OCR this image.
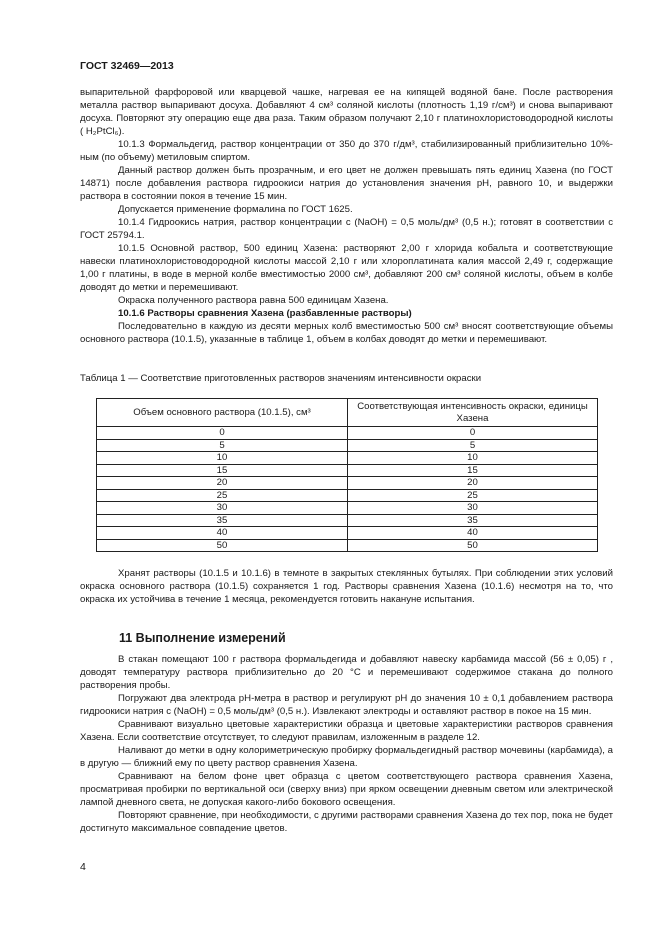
ГОСТ 32469—2013

выпарительной фарфоровой или кварцевой чашке, нагревая ее на кипящей водяной бане. После растворения металла раствор выпаривают досуха. Добавляют 4 см³ соляной кислоты (плотность 1,19 г/см³) и снова выпаривают досуха. Повторяют эту операцию еще два раза. Таким образом получают 2,10 г платинохлористоводородной кислоты ( H₂PtCl₆).

10.1.3 Формальдегид, раствор концентрации от 350 до 370 г/дм³, стабилизированный приблизительно 10%-ным (по объему) метиловым спиртом.

Данный раствор должен быть прозрачным, и его цвет не должен превышать пять единиц Хазена (по ГОСТ 14871) после добавления раствора гидроокиси натрия до установления значения pH, равного 10, и выдержки раствора в состоянии покоя в течение 15 мин.

Допускается применение формалина по ГОСТ 1625.

10.1.4 Гидроокись натрия, раствор концентрации c (NaOH) = 0,5 моль/дм³ (0,5 н.); готовят в соответствии с ГОСТ 25794.1.

10.1.5 Основной раствор, 500 единиц Хазена: растворяют 2,00 г хлорида кобальта и соответствующие навески платинохлористоводородной кислоты массой 2,10 г или хлороплатината калия массой 2,49 г, содержащие 1,00 г платины, в воде в мерной колбе вместимостью 2000 см³, добавляют 200 см³ соляной кислоты, объем в колбе доводят до метки и перемешивают.

Окраска полученного раствора равна 500 единицам Хазена.

10.1.6 Растворы сравнения Хазена (разбавленные растворы)

Последовательно в каждую из десяти мерных колб вместимостью 500 см³ вносят соответствующие объемы основного раствора (10.1.5), указанные в таблице 1, объем в колбах доводят до метки и перемешивают.

Таблица 1 — Соответствие приготовленных растворов значениям интенсивности окраски
Объем основного раствора (10.1.5), см³	Соответствующая интенсивность окраски, единицы Хазена
0	0
5	5
10	10
15	15
20	20
25	25
30	30
35	35
40	40
50	50

Хранят растворы (10.1.5 и 10.1.6) в темноте в закрытых стеклянных бутылях. При соблюдении этих условий окраска основного раствора (10.1.5) сохраняется 1 год. Растворы сравнения Хазена (10.1.6) несмотря на то, что окраска их устойчива в течение 1 месяца, рекомендуется готовить накануне испытания.

11 Выполнение измерений

В стакан помещают 100 г раствора формальдегида и добавляют навеску карбамида массой (56 ± 0,05) г , доводят температуру раствора приблизительно до 20 °С и перемешивают содержимое стакана до полного растворения пробы.

Погружают два электрода pH-метра в раствор и регулируют pH до значения 10 ± 0,1 добавлением раствора гидроокиси натрия c (NaOH) = 0,5 моль/дм³ (0,5 н.). Извлекают электроды и оставляют раствор в покое на 15 мин.

Сравнивают визуально цветовые характеристики образца и цветовые характеристики растворов сравнения Хазена. Если соответствие отсутствует, то следуют правилам, изложенным в разделе 12.

Наливают до метки в одну колориметрическую пробирку формальдегидный раствор мочевины (карбамида), а в другую — ближний ему по цвету раствор сравнения Хазена.

Сравнивают на белом фоне цвет образца с цветом соответствующего раствора сравнения Хазена, просматривая пробирки по вертикальной оси (сверху вниз) при ярком освещении дневным светом или электрической лампой дневного света, не допуская какого-либо бокового освещения.

Повторяют сравнение, при необходимости, с другими растворами сравнения Хазена до тех пор, пока не будет достигнуто максимальное совпадение цветов.

4
